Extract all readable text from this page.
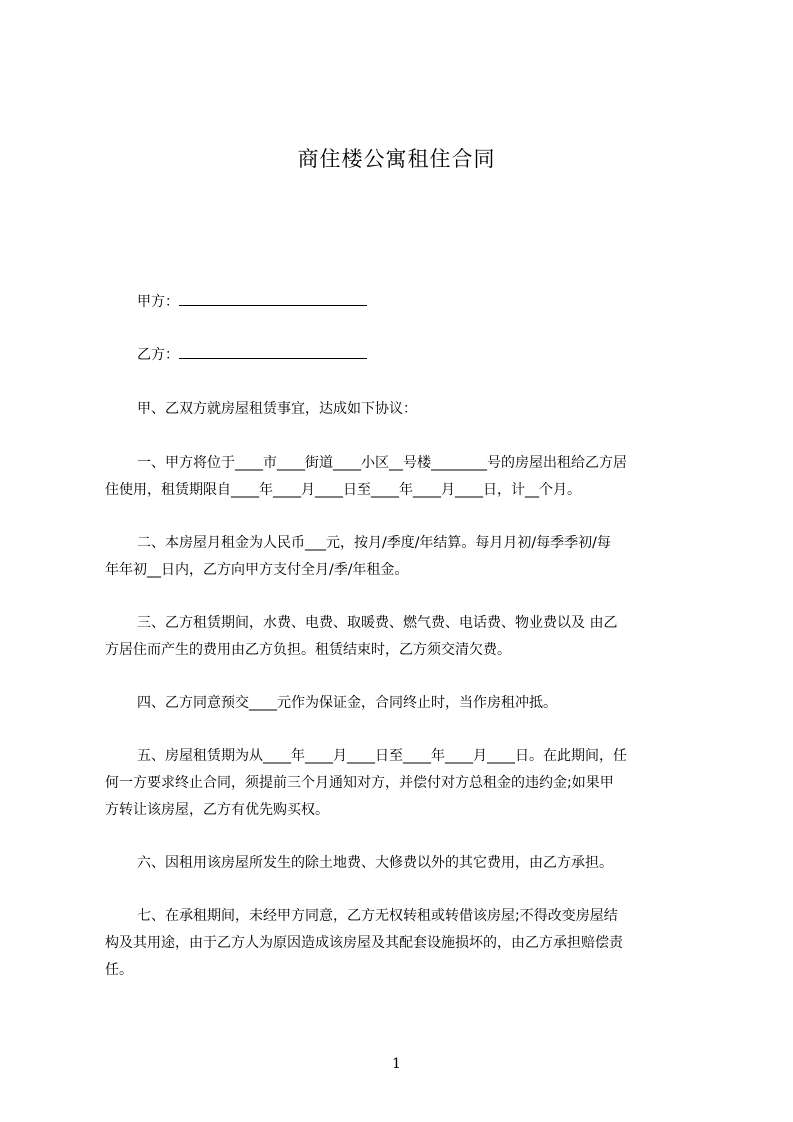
商住楼公寓租住合同
甲方：
乙方：

甲、乙双方就房屋租赁事宜，达成如下协议：

一、甲方将位于____市____街道____小区__号楼________号的房屋出租给乙方居

住使用，租赁期限自____年____月____日至____年____月____日，计__个月。

二、本房屋月租金为人民币___元，按月/季度/年结算。每月月初/每季季初/每

年年初__日内，乙方向甲方支付全月/季/年租金。

三、乙方租赁期间，水费、电费、取暖费、燃气费、电话费、物业费以及 由乙

方居住而产生的费用由乙方负担。租赁结束时，乙方须交清欠费。

四、乙方同意预交____元作为保证金，合同终止时，当作房租冲抵。

五、房屋租赁期为从____年____月____日至____年____月____日。在此期间，任

何一方要求终止合同，须提前三个月通知对方，并偿付对方总租金的违约金;如果甲

方转让该房屋，乙方有优先购买权。

六、因租用该房屋所发生的除土地费、大修费以外的其它费用，由乙方承担。

七、在承租期间，未经甲方同意，乙方无权转租或转借该房屋;不得改变房屋结

构及其用途，由于乙方人为原因造成该房屋及其配套设施损坏的，由乙方承担赔偿责

任。

1
